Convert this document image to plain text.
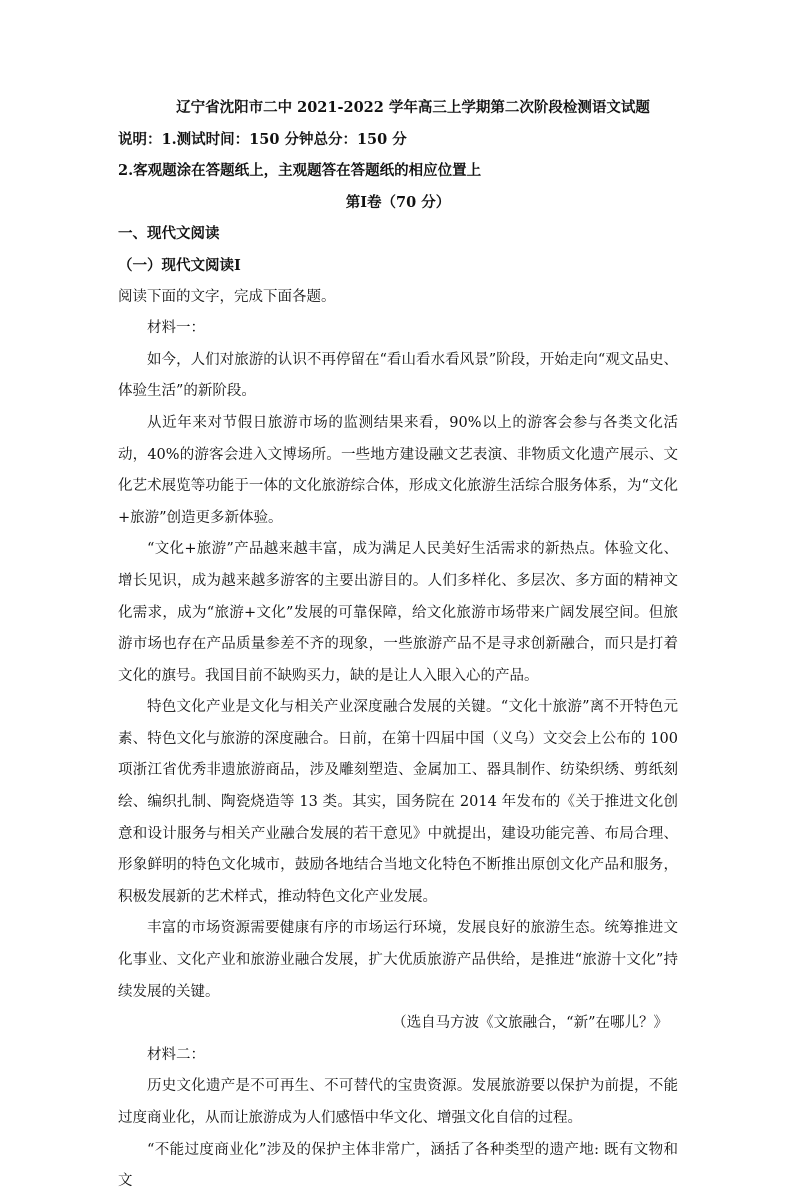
辽宁省沈阳市二中 2021-2022 学年高三上学期第二次阶段检测语文试题
说明：1.测试时间：150 分钟总分：150 分
2.客观题涂在答题纸上，主观题答在答题纸的相应位置上
第Ⅰ卷（70 分）
一、现代文阅读
（一）现代文阅读Ⅰ
阅读下面的文字，完成下面各题。
材料一：

如今，人们对旅游的认识不再停留在“看山看水看风景”阶段，开始走向“观文品史、体验生活”的新阶段。

从近年来对节假日旅游市场的监测结果来看，90%以上的游客会参与各类文化活动，40%的游客会进入文博场所。一些地方建设融文艺表演、非物质文化遗产展示、文化艺术展览等功能于一体的文化旅游综合体，形成文化旅游生活综合服务体系，为“文化+旅游”创造更多新体验。

“文化+旅游”产品越来越丰富，成为满足人民美好生活需求的新热点。体验文化、增长见识，成为越来越多游客的主要出游目的。人们多样化、多层次、多方面的精神文化需求，成为“旅游+文化”发展的可靠保障，给文化旅游市场带来广阔发展空间。但旅游市场也存在产品质量参差不齐的现象，一些旅游产品不是寻求创新融合，而只是打着文化的旗号。我国目前不缺购买力，缺的是让人入眼入心的产品。

特色文化产业是文化与相关产业深度融合发展的关键。“文化十旅游”离不开特色元素、特色文化与旅游的深度融合。日前，在第十四届中国（义乌）文交会上公布的 100 项浙江省优秀非遗旅游商品，涉及雕刻塑造、金属加工、器具制作、纺染织绣、剪纸刻绘、编织扎制、陶瓷烧造等 13 类。其实，国务院在 2014 年发布的《关于推进文化创意和设计服务与相关产业融合发展的若干意见》中就提出，建设功能完善、布局合理、形象鲜明的特色文化城市，鼓励各地结合当地文化特色不断推出原创文化产品和服务，积极发展新的艺术样式，推动特色文化产业发展。

丰富的市场资源需要健康有序的市场运行环境，发展良好的旅游生态。统筹推进文化事业、文化产业和旅游业融合发展，扩大优质旅游产品供给，是推进“旅游十文化”持续发展的关键。

（选自马方波《文旅融合，“新”在哪儿？》
材料二：

历史文化遗产是不可再生、不可替代的宝贵资源。发展旅游要以保护为前提，不能过度商业化，从而让旅游成为人们感悟中华文化、增强文化自信的过程。

“不能过度商业化”涉及的保护主体非常广，涵括了各种类型的遗产地: 既有文物和文
